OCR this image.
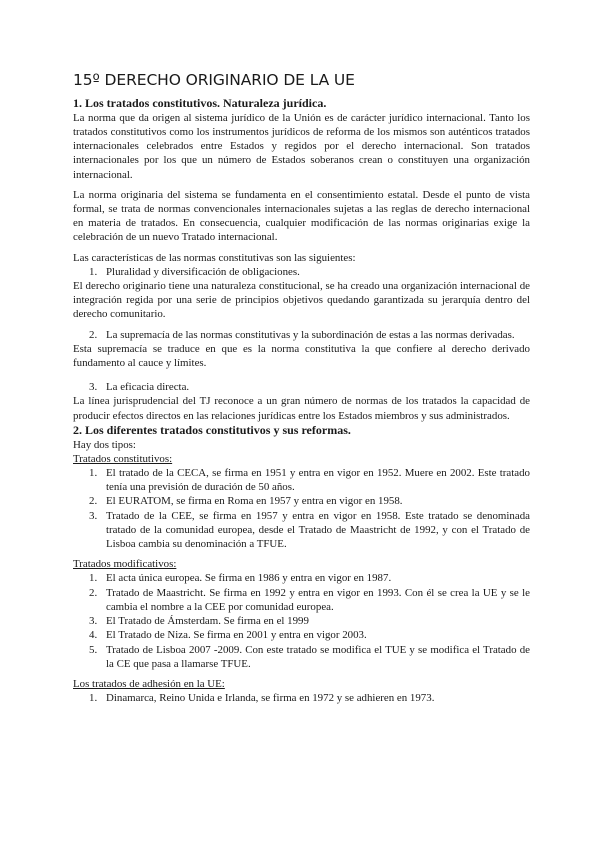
15º DERECHO ORIGINARIO DE LA UE
1. Los tratados constitutivos. Naturaleza jurídica.

La norma que da origen al sistema jurídico de la Unión es de carácter jurídico internacional. Tanto los tratados constitutivos como los instrumentos jurídicos de reforma de los mismos son auténticos tratados internacionales celebrados entre Estados y regidos por el derecho internacional. Son tratados internacionales por los que un número de Estados soberanos crean o constituyen una organización internacional.

La norma originaria del sistema se fundamenta en el consentimiento estatal. Desde el punto de vista formal, se trata de normas convencionales internacionales sujetas a las reglas de derecho internacional en materia de tratados. En consecuencia, cualquier modificación de las normas originarias exige la celebración de un nuevo Tratado internacional.

Las características de las normas constitutivas son las siguientes:

1. Pluralidad y diversificación de obligaciones.

El derecho originario tiene una naturaleza constitucional, se ha creado una organización internacional de integración regida por una serie de principios objetivos quedando garantizada su jerarquía dentro del derecho comunitario.

2. La supremacía de las normas constitutivas y la subordinación de estas a las normas derivadas.

Esta supremacía se traduce en que es la norma constitutiva la que confiere al derecho derivado fundamento al cauce y límites.

3. La eficacia directa.

La línea jurisprudencial del TJ reconoce a un gran número de normas de los tratados la capacidad de producir efectos directos en las relaciones jurídicas entre los Estados miembros y sus administrados.

2. Los diferentes tratados constitutivos y sus reformas.

Hay dos tipos:

Tratados constitutivos:

1. El tratado de la CECA, se firma en 1951 y entra en vigor en 1952. Muere en 2002. Este tratado tenía una previsión de duración de 50 años.
2. El EURATOM, se firma en Roma en 1957 y entra en vigor en 1958.
3. Tratado de la CEE, se firma en 1957 y entra en vigor en 1958. Este tratado se denominada tratado de la comunidad europea, desde el Tratado de Maastricht de 1992, y con el Tratado de Lisboa cambia su denominación a TFUE.

Tratados modificativos:

1. El acta única europea. Se firma en 1986 y entra en vigor en 1987.
2. Tratado de Maastricht. Se firma en 1992 y entra en vigor en 1993. Con él se crea la UE y se le cambia el nombre a la CEE por comunidad europea.
3. El Tratado de Ámsterdam. Se firma en el 1999
4. El Tratado de Niza. Se firma en 2001 y entra en vigor 2003.
5. Tratado de Lisboa 2007 -2009. Con este tratado se modifica el TUE y se modifica el Tratado de la CE que pasa a llamarse TFUE.

Los tratados de adhesión en la UE:

1. Dinamarca, Reino Unida e Irlanda, se firma en 1972 y se adhieren en 1973.
